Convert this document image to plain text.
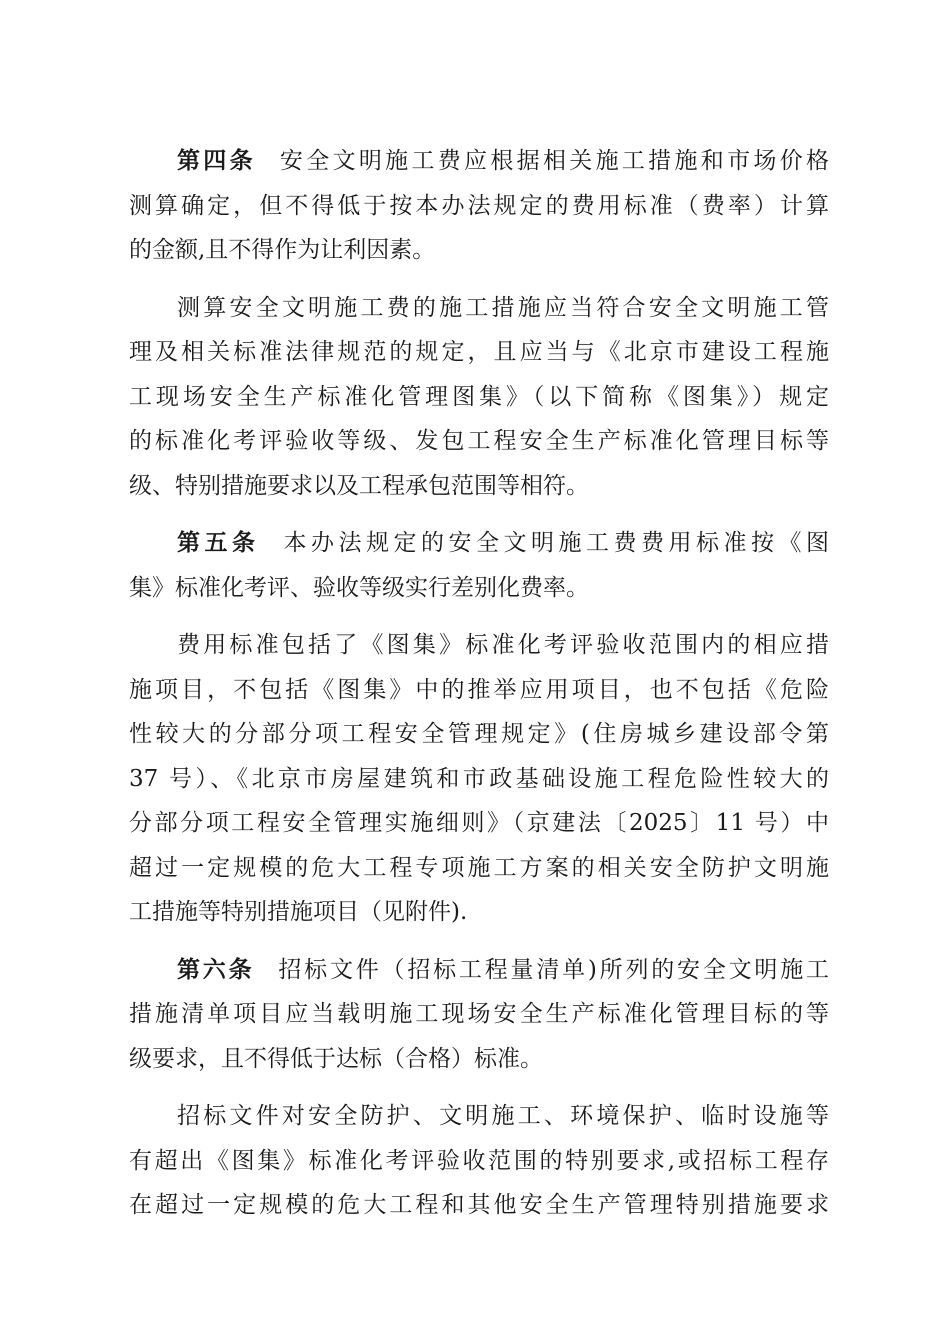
第四条 安全文明施工费应根据相关施工措施和市场价格
测算确定，但不得低于按本办法规定的费用标准（费率）计算
的金额,且不得作为让利因素。
测算安全文明施工费的施工措施应当符合安全文明施工管
理及相关标准法律规范的规定，且应当与《北京市建设工程施
工现场安全生产标准化管理图集》（以下简称《图集》）规定
的标准化考评验收等级、发包工程安全生产标准化管理目标等
级、特别措施要求以及工程承包范围等相符。
第五条 本办法规定的安全文明施工费费用标准按《图
集》标准化考评、验收等级实行差别化费率。
费用标准包括了《图集》标准化考评验收范围内的相应措
施项目，不包括《图集》中的推举应用项目，也不包括《危险
性较大的分部分项工程安全管理规定》(住房城乡建设部令第
37 号）、《北京市房屋建筑和市政基础设施工程危险性较大的
分部分项工程安全管理实施细则》（京建法〔2025〕11 号）中
超过一定规模的危大工程专项施工方案的相关安全防护文明施
工措施等特别措施项目（见附件).
第六条 招标文件（招标工程量清单)所列的安全文明施工
措施清单项目应当载明施工现场安全生产标准化管理目标的等
级要求，且不得低于达标（合格）标准。
招标文件对安全防护、文明施工、环境保护、临时设施等
有超出《图集》标准化考评验收范围的特别要求,或招标工程存
在超过一定规模的危大工程和其他安全生产管理特别措施要求
